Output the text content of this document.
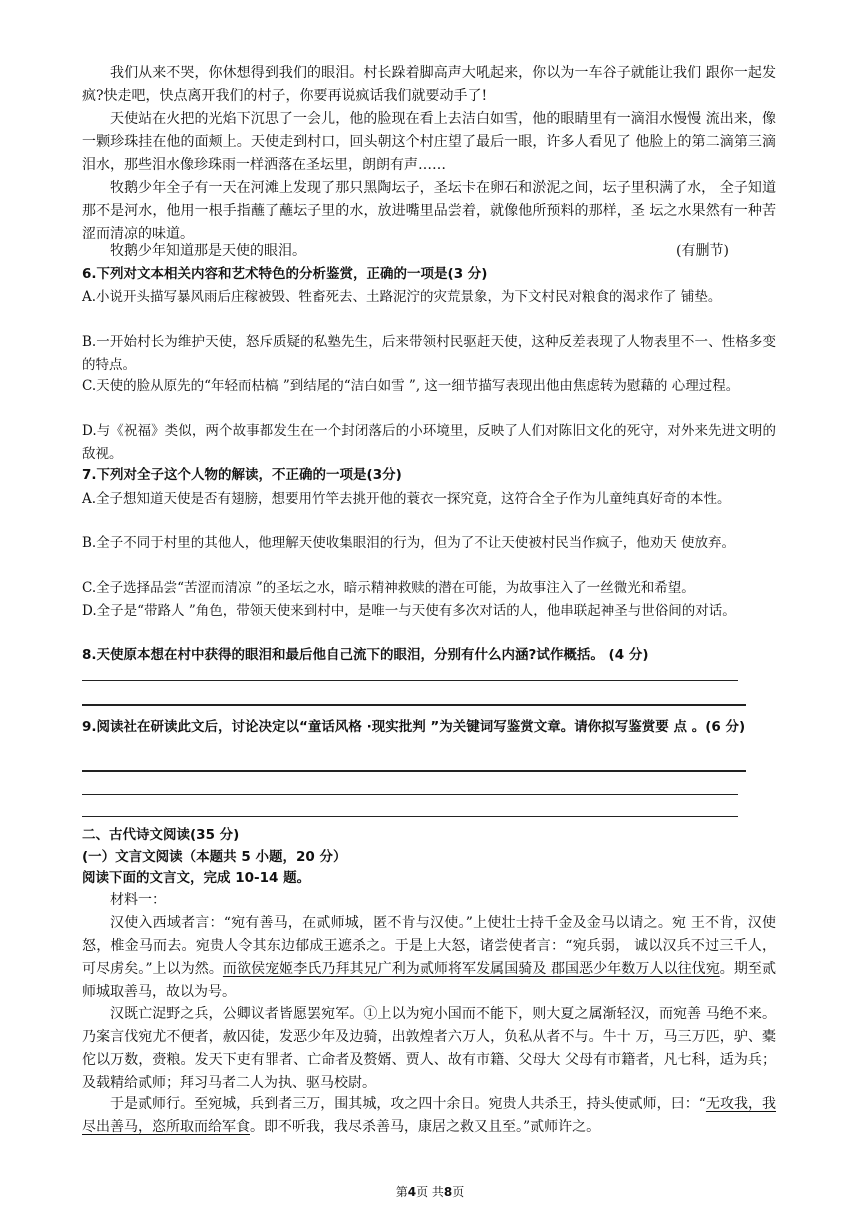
我们从来不哭，你休想得到我们的眼泪。村长跺着脚高声大吼起来，你以为一车谷子就能让我们 跟你一起发疯?快走吧，快点离开我们的村子，你要再说疯话我们就要动手了!

天使站在火把的光焰下沉思了一会儿，他的脸现在看上去洁白如雪，他的眼睛里有一滴泪水慢慢 流出来，像一颗珍珠挂在他的面颊上。天使走到村口，回头朝这个村庄望了最后一眼，许多人看见了 他脸上的第二滴第三滴泪水，那些泪水像珍珠雨一样洒落在圣坛里，朗朗有声……

牧鹅少年全子有一天在河滩上发现了那只黑陶坛子，圣坛卡在卵石和淤泥之间，坛子里积满了水， 全子知道那不是河水，他用一根手指蘸了蘸坛子里的水，放进嘴里品尝着，就像他所预料的那样，圣 坛之水果然有一种苦涩而清凉的味道。

牧鹅少年知道那是天使的眼泪。	(有删节)

6.下列对文本相关内容和艺术特色的分析鉴赏，正确的一项是(3 分)

A.小说开头描写暴风雨后庄稼被毁、牲畜死去、土路泥泞的灾荒景象，为下文村民对粮食的渴求作了 铺垫。

B.一开始村长为维护天使，怒斥质疑的私塾先生，后来带领村民驱赶天使，这种反差表现了人物表里不一、性格多变的特点。

C.天使的脸从原先的“年轻而枯槁 ”到结尾的“洁白如雪 ”, 这一细节描写表现出他由焦虑转为慰藉的 心理过程。

D.与《祝福》类似，两个故事都发生在一个封闭落后的小环境里，反映了人们对陈旧文化的死守，对外来先进文明的敌视。

7.下列对全子这个人物的解读，不正确的一项是(3分)

A.全子想知道天使是否有翅膀，想要用竹竿去挑开他的蓑衣一探究竟，这符合全子作为儿童纯真好奇的本性。

B.全子不同于村里的其他人，他理解天使收集眼泪的行为，但为了不让天使被村民当作疯子，他劝天 使放弃。

C.全子选择品尝“苦涩而清凉 ”的圣坛之水，暗示精神救赎的潜在可能，为故事注入了一丝微光和希望。

D.全子是“带路人 ”角色，带领天使来到村中，是唯一与天使有多次对话的人，他串联起神圣与世俗间的对话。

8.天使原本想在村中获得的眼泪和最后他自己流下的眼泪，分别有什么内涵?试作概括。 (4 分)

9.阅读社在研读此文后，讨论决定以“童话风格 ·现实批判 ”为关键词写鉴赏文章。请你拟写鉴赏要 点 。(6 分)

二、古代诗文阅读(35 分)

(一）文言文阅读（本题共 5 小题，20 分）

阅读下面的文言文，完成 10-14 题。

材料一：

汉使入西域者言：“宛有善马，在贰师城，匿不肯与汉使。”上使壮士持千金及金马以请之。宛 王不肯，汉使怒，椎金马而去。宛贵人令其东边郁成王遮杀之。于是上大怒，诸尝使者言：“宛兵弱， 诚以汉兵不过三千人，可尽虏矣。”上以为然。而欲侯宠姬李氏乃拜其兄广利为贰师将军发属国骑及 郡国恶少年数万人以往伐宛。期至贰师城取善马，故以为号。

汉既亡浞野之兵，公卿议者皆愿罢宛军。①上以为宛小国而不能下，则大夏之属渐轻汉，而宛善 马绝不来。乃案言伐宛尤不便者，赦囚徒，发恶少年及边骑，出敦煌者六万人，负私从者不与。牛十 万，马三万匹，驴、橐佗以万数，赍粮。发天下吏有罪者、亡命者及赘婿、贾人、故有市籍、父母大 父母有市籍者，凡七科，适为兵；及载精给贰师；拜习马者二人为执、驱马校尉。

于是贰师行。至宛城，兵到者三万，围其城，攻之四十余日。宛贵人共杀王，持头使贰师，曰：“无攻我，我尽出善马，恣所取而给军食。即不听我，我尽杀善马，康居之救又且至。”贰师许之。

第4页 共8页
